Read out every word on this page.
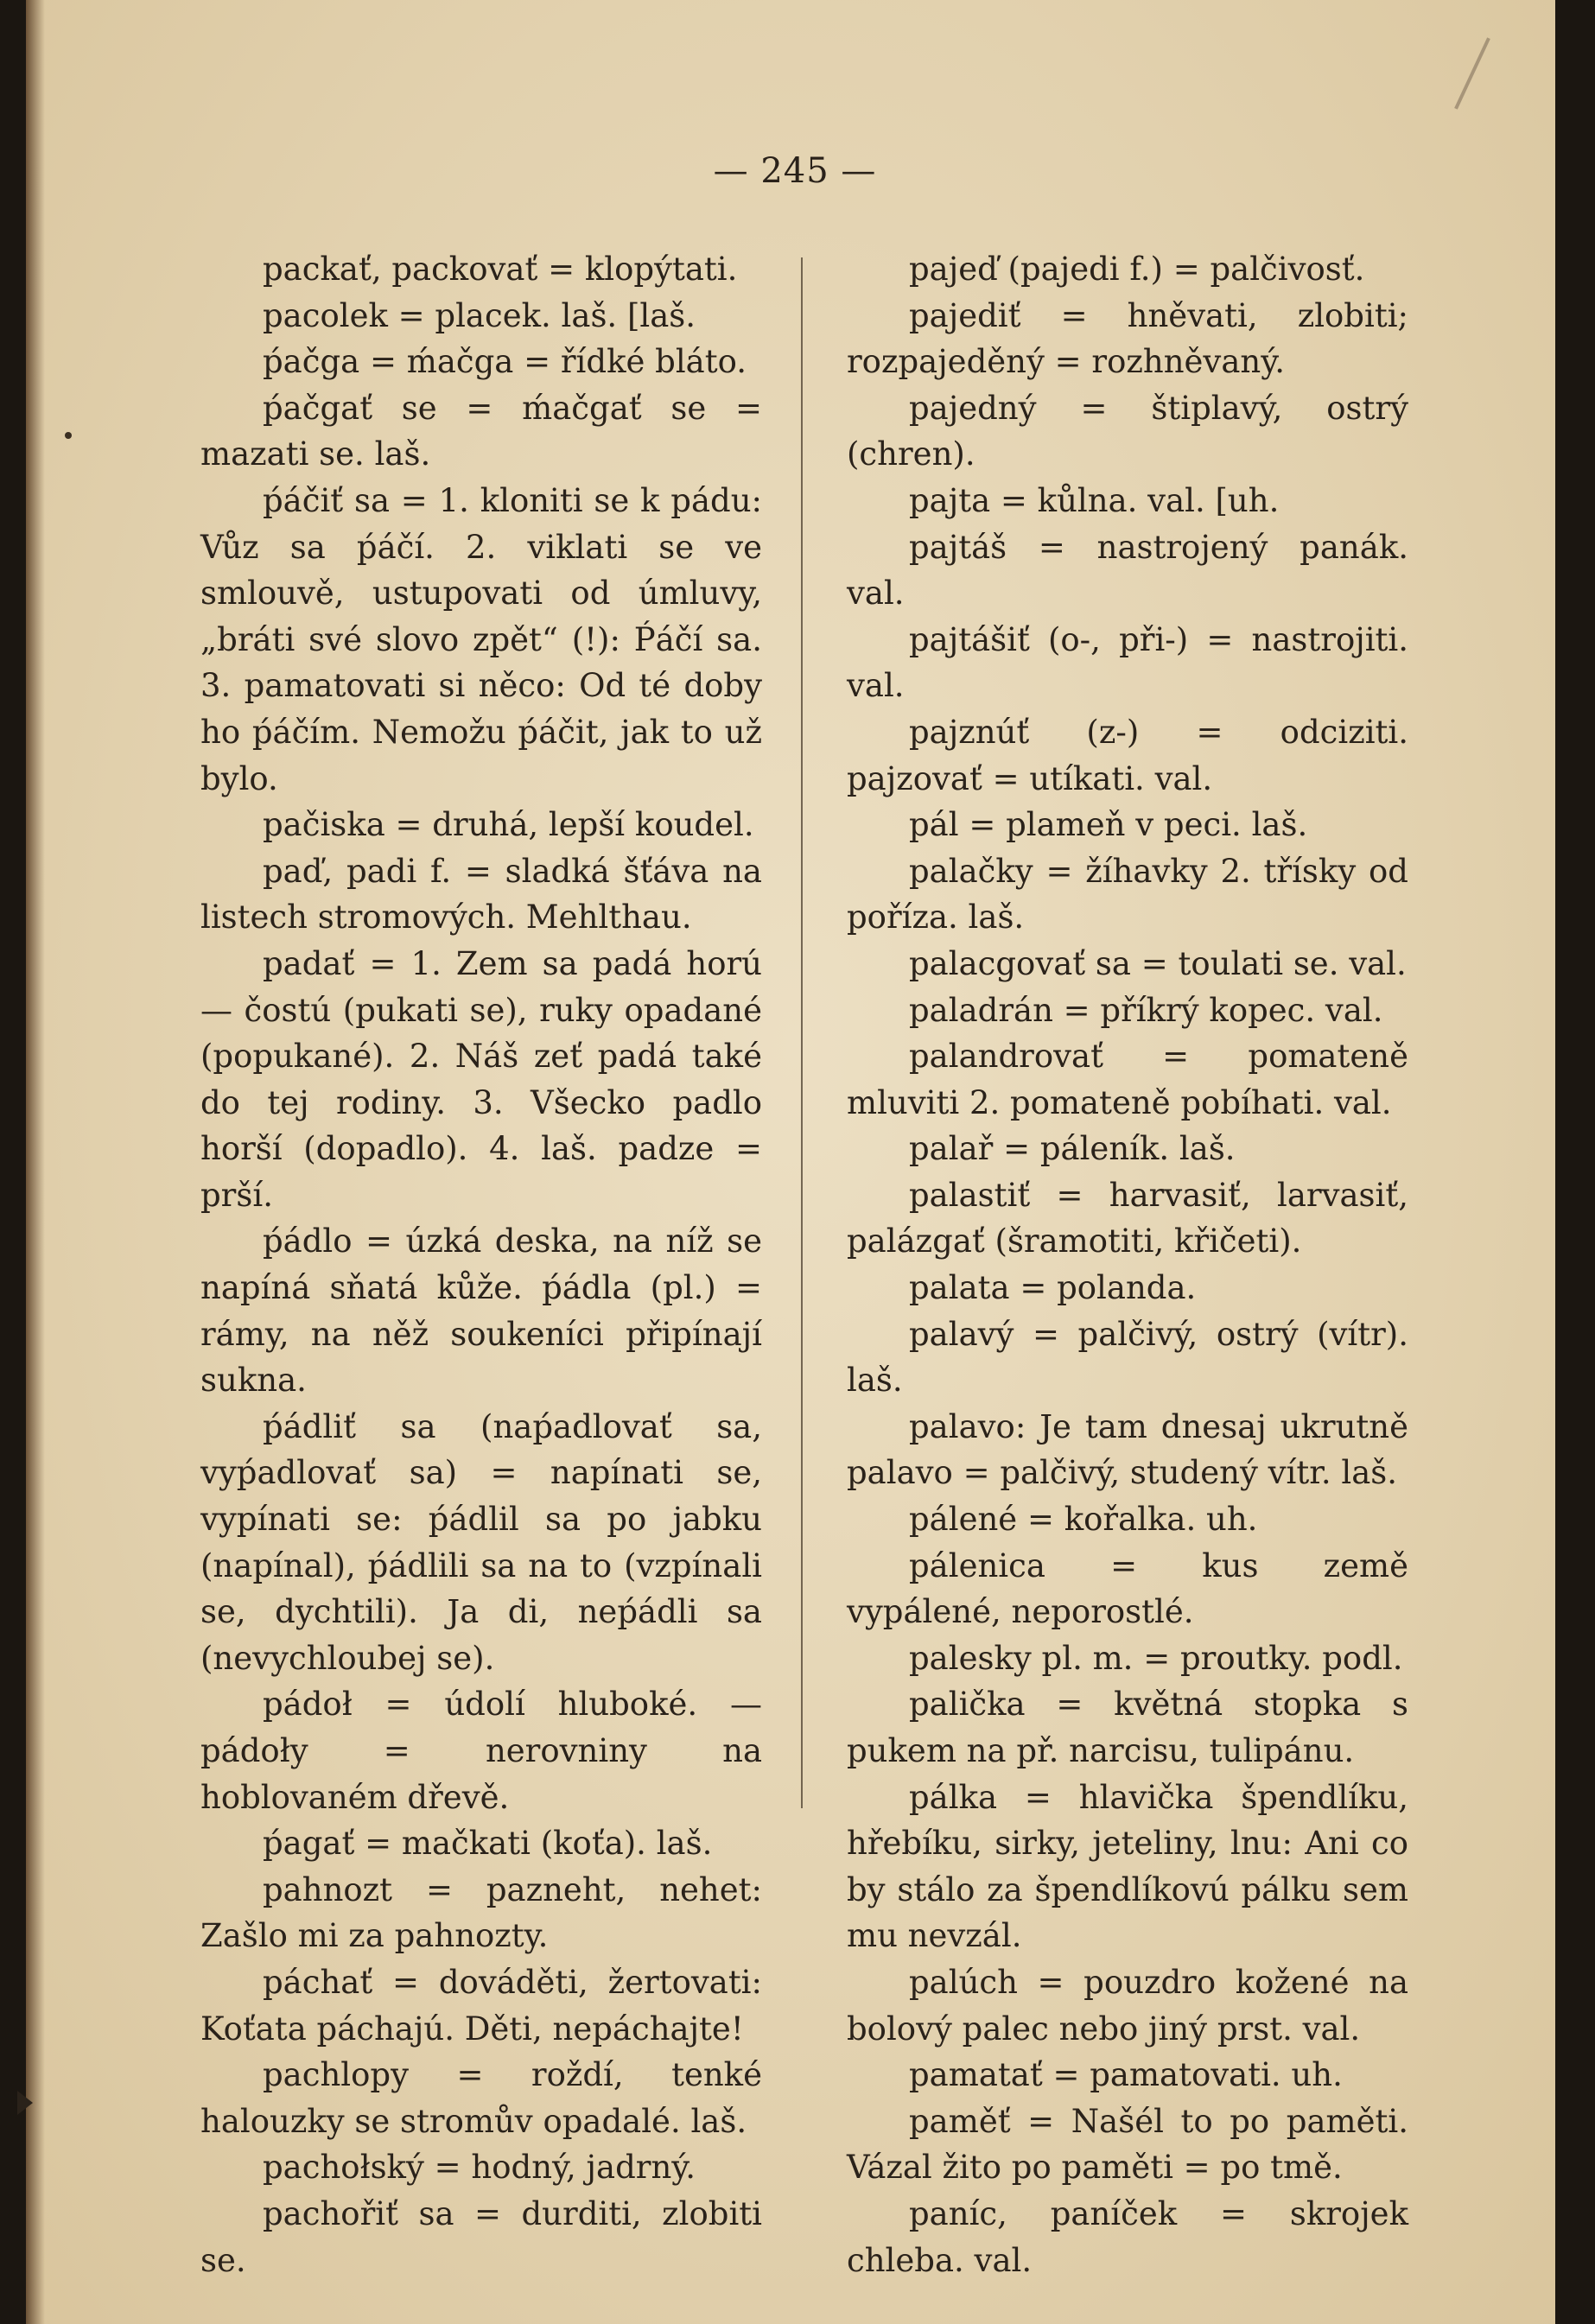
— 245 —

packať, packovať = klopýtati.

pacolek = placek. laš. [laš.

ṕačga = ḿačga = řídké bláto.

ṕačgať se = ḿačgať se = mazati se. laš.

ṕáčiť sa = 1. kloniti se k pádu: Vůz sa ṕáčí. 2. viklati se ve smlouvě, ustupovati od úmluvy, „bráti své slovo zpět“ (!): Ṕáčí sa. 3. pamatovati si něco: Od té doby ho ṕáčím. Nemožu ṕáčit, jak to už bylo.

pačiska = druhá, lepší koudel.

paď, padi f. = sladká šťáva na listech stromových. Mehlthau.

padať = 1. Zem sa padá horú — čostú (pukati se), ruky opadané (popukané). 2. Náš zeť padá také do tej rodiny. 3. Všecko padlo horší (dopadlo). 4. laš. padze = prší.

ṕádlo = úzká deska, na níž se napíná sňatá kůže. ṕádla (pl.) = rámy, na něž soukeníci připínají sukna.

ṕádliť sa (naṕadlovať sa, vyṕadlovať sa) = napínati se, vypínati se: ṕádlil sa po jabku (napínal), ṕádlili sa na to (vzpínali se, dychtili). Ja di, neṕádli sa (nevychloubej se).

pádoł = údolí hluboké. — pádoły = nerovniny na hoblovaném dřevě.

ṕagať = mačkati (koťa). laš.

pahnozt = pazneht, nehet: Zašlo mi za pahnozty.

páchať = dováděti, žertovati: Koťata páchajú. Děti, nepáchajte!

pachlopy = roždí, tenké halouzky se stromův opadalé. laš.

pachołský = hodný, jadrný.

pachořiť sa = durditi, zlobiti se.

pajeď (pajedi f.) = palčivosť.

pajediť = hněvati, zlobiti; rozpajeděný = rozhněvaný.

pajedný = štiplavý, ostrý (chren).

pajta = kůlna. val. [uh.

pajtáš = nastrojený panák. val.

pajtášiť (o-, při-) = nastrojiti. val.

pajznúť (z-) = odciziti. pajzovať = utíkati. val.

pál = plameň v peci. laš.

palačky = žíhavky 2. třísky od poříza. laš.

palacgovať sa = toulati se. val.

paladrán = příkrý kopec. val.

palandrovať = pomateně mluviti 2. pomateně pobíhati. val.

palař = páleník. laš.

palastiť = harvasiť, larvasiť, palázgať (šramotiti, křičeti).

palata = polanda.

palavý = palčivý, ostrý (vítr). laš.

palavo: Je tam dnesaj ukrutně palavo = palčivý, studený vítr. laš.

pálené = kořalka. uh.

pálenica = kus země vypálené, neporostlé.

palesky pl. m. = proutky. podl.

palička = květná stopka s pukem na př. narcisu, tulipánu.

pálka = hlavička špendlíku, hřebíku, sirky, jeteliny, lnu: Ani co by stálo za špendlíkovú pálku sem mu nevzál.

palúch = pouzdro kožené na bolový palec nebo jiný prst. val.

pamatať = pamatovati. uh.

paměť = Našél to po paměti. Vázal žito po paměti = po tmě.

paníc, paníček = skrojek chleba. val.
